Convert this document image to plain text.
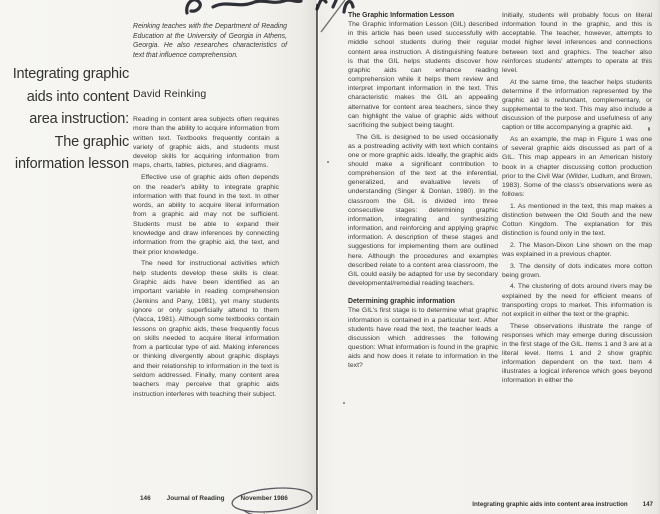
Integrating graphic
aids into content
area instruction:
The graphic
information lesson
Reinking teaches with the Department of Reading Education at the University of Georgia in Athens, Georgia. He also researches characteristics of text that influence comprehension.
David Reinking

Reading in content area subjects often requires more than the ability to acquire information from written text. Textbooks frequently contain a variety of graphic aids, and students must develop skills for acquiring information from maps, charts, tables, pictures, and diagrams.

Effective use of graphic aids often depends on the reader's ability to integrate graphic information with that found in the text. In other words, an ability to acquire literal information from a graphic aid may not be sufficient. Students must be able to expand their knowledge and draw inferences by connecting information from the graphic aid, the text, and their prior knowledge.

The need for instructional activities which help students develop these skills is clear. Graphic aids have been identified as an important variable in reading comprehension (Jenkins and Pany, 1981), yet many students ignore or only superficially attend to them (Vacca, 1981). Although some textbooks contain lessons on graphic aids, these frequently focus on skills needed to acquire literal information from a particular type of aid. Making inferences or thinking divergently about graphic displays and their relationship to information in the text is seldom addressed. Finally, many content area teachers may perceive that graphic aids instruction interferes with teaching their subject.

146	Journal of Reading	November 1986
The Graphic Information Lesson

The Graphic Information Lesson (GIL) described in this article has been used successfully with middle school students during their regular content area instruction. A distinguishing feature is that the GIL helps students discover how graphic aids can enhance reading comprehension while it helps them review and interpret important information in the text. This characteristic makes the GIL an appealing alternative for content area teachers, since they can highlight the value of graphic aids without sacrificing the subject being taught.

The GIL is designed to be used occasionally as a postreading activity with text which contains one or more graphic aids. Ideally, the graphic aids should make a significant contribution to comprehension of the text at the inferential, generalized, and evaluative levels of understanding (Singer & Donlan, 1980). In the classroom the GIL is divided into three consecutive stages: determining graphic information, integrating and synthesizing information, and reinforcing and applying graphic information. A description of these stages and suggestions for implementing them are outlined here. Although the procedures and examples described relate to a content area classroom, the GIL could easily be adapted for use by secondary developmental/remedial reading teachers.

Determining graphic information

The GIL's first stage is to determine what graphic information is contained in a particular text. After students have read the text, the teacher leads a discussion which addresses the following question: What information is found in the graphic aids and how does it relate to information in the text?

Initially, students will probably focus on literal information found in the graphic, and this is acceptable. The teacher, however, attempts to model higher level inferences and connections between text and graphics. The teacher also reinforces students' attempts to operate at this level.

At the same time, the teacher helps students determine if the information represented by the graphic aid is redundant, complementary, or supplemental to the text. This may also include a discussion of the purpose and usefulness of any caption or title accompanying a graphic aid.

As an example, the map in Figure 1 was one of several graphic aids discussed as part of a GIL. This map appears in an American history book in a chapter discussing cotton production prior to the Civil War (Wilder, Ludlum, and Brown, 1983). Some of the class's observations were as follows:

1. As mentioned in the text, this map makes a distinction between the Old South and the new Cotton Kingdom. The explanation for this distinction is found only in the text.

2. The Mason-Dixon Line shown on the map was explained in a previous chapter.

3. The density of dots indicates more cotton being grown.

4. The clustering of dots around rivers may be explained by the need for efficient means of transporting crops to market. This information is not explicit in either the text or the graphic.

These observations illustrate the range of responses which may emerge during discussion in the first stage of the GIL. Items 1 and 3 are at a literal level. Items 1 and 2 show graphic information dependent on the text. Item 4 illustrates a logical inference which goes beyond information in either the

Integrating graphic aids into content area instruction 147
